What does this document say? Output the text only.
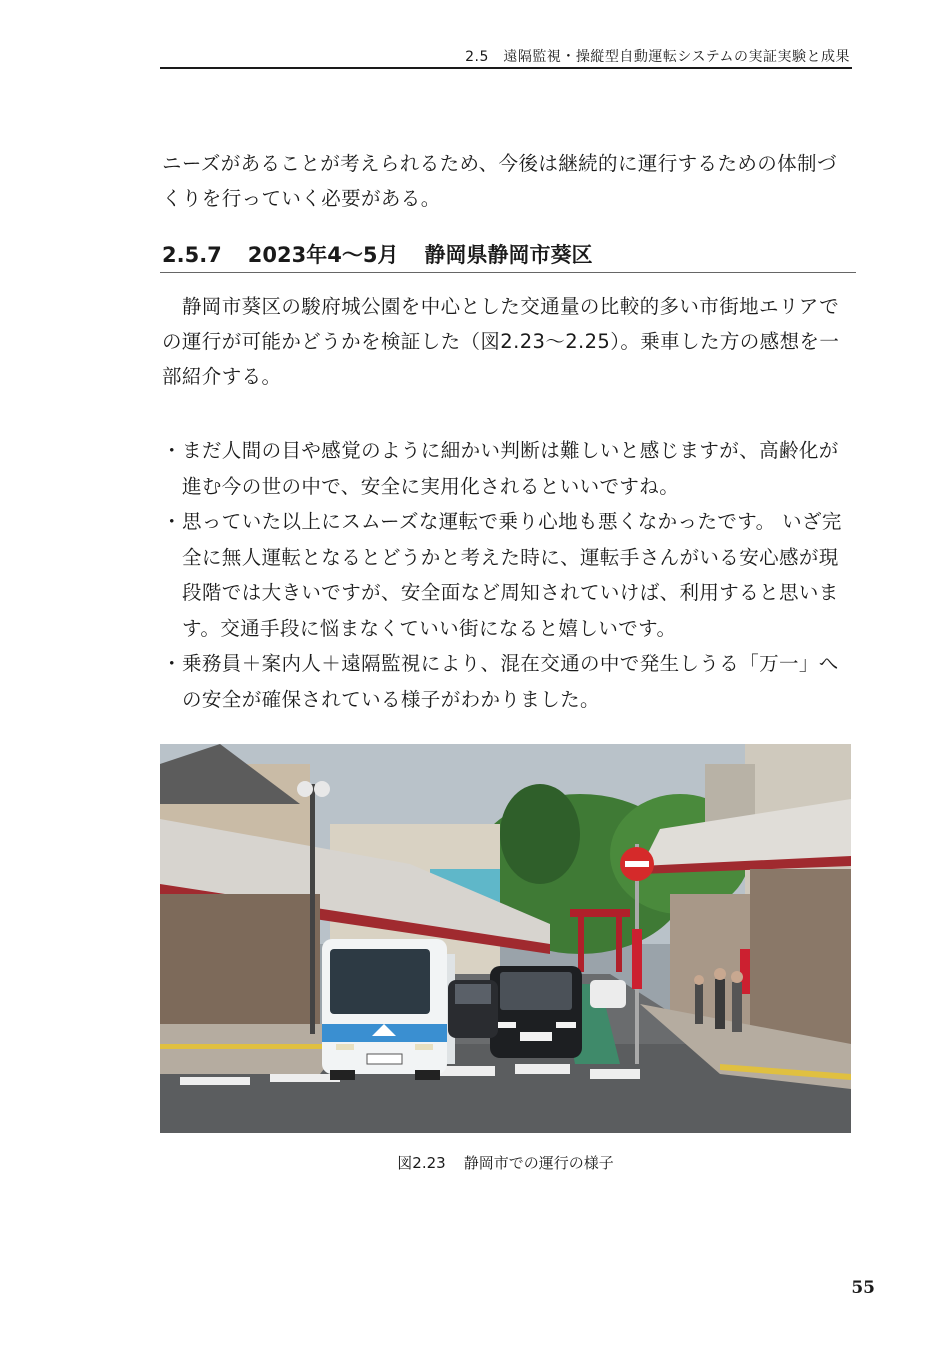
2.5　遠隔監視・操縦型自動運転システムの実証実験と成果

ニーズがあることが考えられるため、今後は継続的に運行するための体制づくりを行っていく必要がある。

2.5.7 2023年4～5月 静岡県静岡市葵区

　静岡市葵区の駿府城公園を中心とした交通量の比較的多い市街地エリアでの運行が可能かどうかを検証した（図2.23～2.25）。乗車した方の感想を一部紹介する。

・ まだ人間の目や感覚のように細かい判断は難しいと感じますが、高齢化が進む今の世の中で、安全に実用化されるといいですね。
・ 思っていた以上にスムーズな運転で乗り心地も悪くなかったです。 いざ完全に無人運転となるとどうかと考えた時に、運転手さんがいる安心感が現段階では大きいですが、安全面など周知されていけば、利用すると思います。交通手段に悩まなくていい街になると嬉しいです。
・ 乗務員＋案内人＋遠隔監視により、混在交通の中で発生しうる「万一」への安全が確保されている様子がわかりました。
図2.23 静岡市での運行の様子
55
